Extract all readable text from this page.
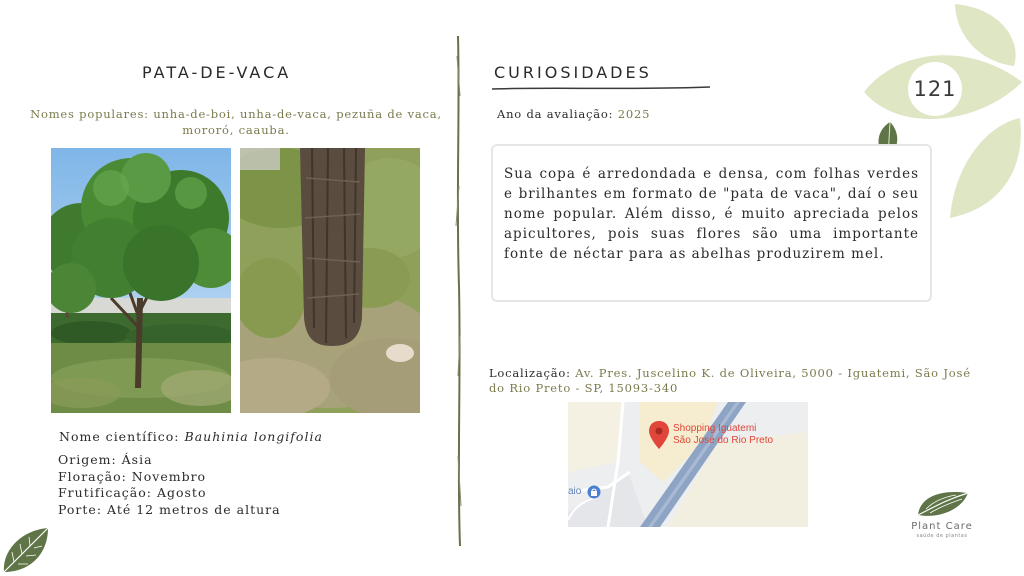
121
PATA-DE-VACA
Nomes populares: unha-de-boi, unha-de-vaca, pezuña de vaca, mororó, caauba.
Nome científico: Bauhinia longifolia
Origem: Ásia
Floração: Novembro
Frutificação: Agosto
Porte: Até 12 metros de altura
CURIOSIDADES
Ano da avaliação: 2025
Sua copa é arredondada e densa, com folhas verdes e brilhantes em formato de "pata de vaca", daí o seu nome popular. Além disso, é muito apreciada pelos apicultores, pois suas flores são uma importante fonte de néctar para as abelhas produzirem mel.
Localização: Av. Pres. Juscelino K. de Oliveira, 5000 - Iguatemi, São José do Rio Preto - SP, 15093-340
Shopping Iguatemi
São José do Rio Preto
aio
Plant Care
saúde de plantas
